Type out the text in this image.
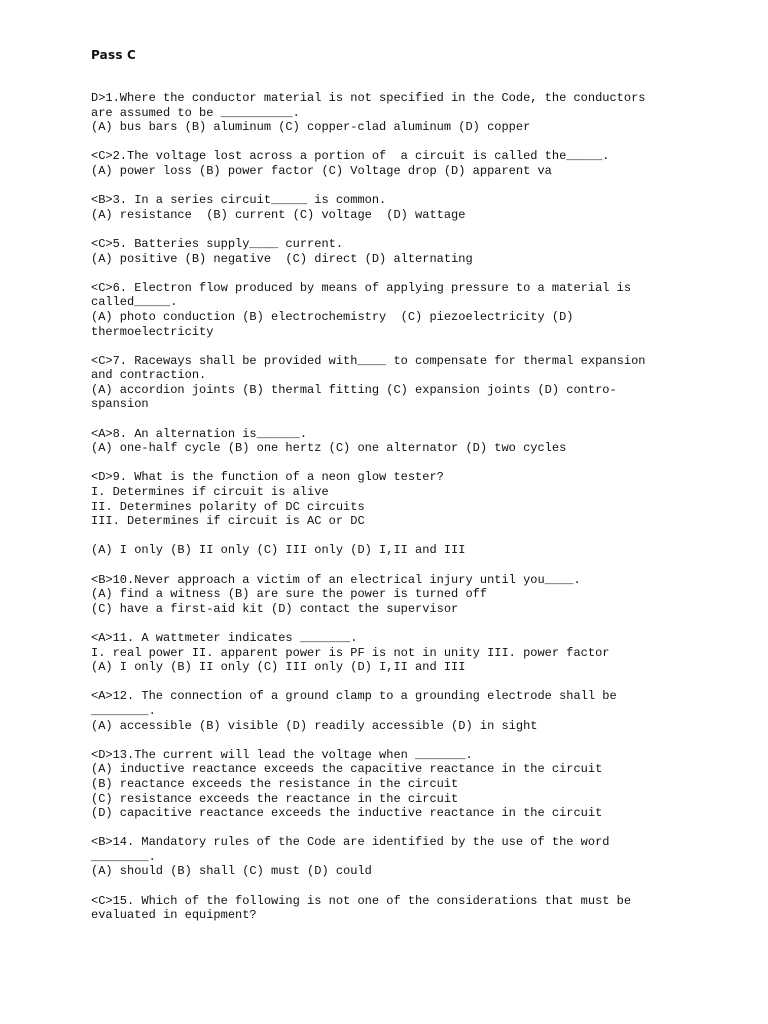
Pass C
D>1.Where the conductor material is not specified in the Code, the conductors
are assumed to be __________.
(A) bus bars (B) aluminum (C) copper-clad aluminum (D) copper
<C>2.The voltage lost across a portion of  a circuit is called the_____.
(A) power loss (B) power factor (C) Voltage drop (D) apparent va
<B>3. In a series circuit_____ is common.
(A) resistance  (B) current (C) voltage  (D) wattage
<C>5. Batteries supply____ current.
(A) positive (B) negative  (C) direct (D) alternating
<C>6. Electron flow produced by means of applying pressure to a material is
called_____.
(A) photo conduction (B) electrochemistry  (C) piezoelectricity (D)
thermoelectricity
<C>7. Raceways shall be provided with____ to compensate for thermal expansion
and contraction.
(A) accordion joints (B) thermal fitting (C) expansion joints (D) contro-
spansion
<A>8. An alternation is______.
(A) one-half cycle (B) one hertz (C) one alternator (D) two cycles
<D>9. What is the function of a neon glow tester?
I. Determines if circuit is alive
II. Determines polarity of DC circuits
III. Determines if circuit is AC or DC

(A) I only (B) II only (C) III only (D) I,II and III
<B>10.Never approach a victim of an electrical injury until you____.
(A) find a witness (B) are sure the power is turned off
(C) have a first-aid kit (D) contact the supervisor
<A>11. A wattmeter indicates _______.
I. real power II. apparent power is PF is not in unity III. power factor
(A) I only (B) II only (C) III only (D) I,II and III
<A>12. The connection of a ground clamp to a grounding electrode shall be
________.
(A) accessible (B) visible (D) readily accessible (D) in sight
<D>13.The current will lead the voltage when _______.
(A) inductive reactance exceeds the capacitive reactance in the circuit
(B) reactance exceeds the resistance in the circuit
(C) resistance exceeds the reactance in the circuit
(D) capacitive reactance exceeds the inductive reactance in the circuit
<B>14. Mandatory rules of the Code are identified by the use of the word
________.
(A) should (B) shall (C) must (D) could
<C>15. Which of the following is not one of the considerations that must be
evaluated in equipment?
